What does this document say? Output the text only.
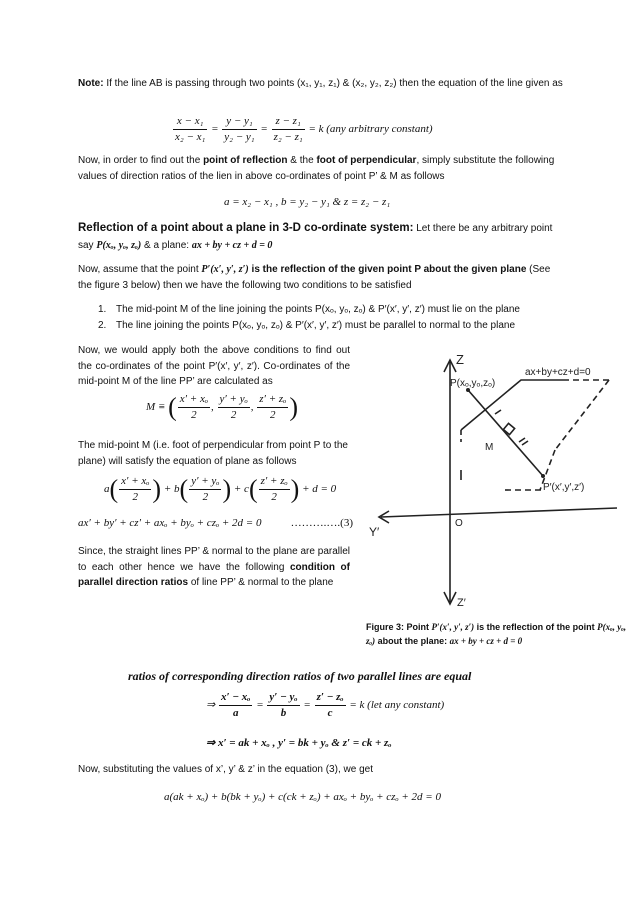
Note: If the line AB is passing through two points (x₁, y₁, z₁) & (x₂, y₂, z₂) then the equation of the line given as
$\frac{\text{x − x₁}}{\text{x₂ − x₁}} = \frac{\text{y − y₁}}{\text{y₂ − y₁}} = \frac{\text{z − z₁}}{\text{z₂ − z₁}} = k$ (any arbitrary constant)
Now, in order to find out the point of reflection & the foot of perpendicular, simply substitute the following values of direction ratios of the lien in above co-ordinates of point P’ & M as follows
a = x₂ − x₁ , b = y₂ − y₁ & z = z₂ − z₁
Reflection of a point about a plane in 3-D co-ordinate system: Let there be any arbitrary point say P(xₒ, yₒ, zₒ) & a plane: ax + by + cz + d = 0
Now, assume that the point P′(x′, y′, z′) is the reflection of the given point P about the given plane (See the figure 3 below) then we have the following two conditions to be satisfied
1. The mid-point M of the line joining the points P(xₒ, yₒ, zₒ) & P′(x′, y′, z′) must lie on the plane
2. The line joining the points P(xₒ, yₒ, zₒ) & P′(x′, y′, z′) must be parallel to normal to the plane
Now, we would apply both the above conditions to find out the co-ordinates of the point P′(x′, y′, z′). Co-ordinates of the mid-point M of the line PP’ are calculated as
M ≡ ( $\frac{\text{x′ + xₒ}}{2}$ , $\frac{\text{y′ + yₒ}}{2}$ , $\frac{\text{z′ + zₒ}}{2}$ )
The mid-point M (i.e. foot of perpendicular from point P to the plane) will satisfy the equation of plane as follows
$a( \frac{\text{x′ + xₒ}}{2}$ ) + $b( \frac{\text{y′ + yₒ}}{2}$ ) + $c( \frac{\text{z′ + zₒ}}{2}$ ) + d = 0
ax′ + by′ + cz′ + axₒ + byₒ + czₒ + 2d = 0	……….….(3)
Since, the straight lines PP’ & normal to the plane are parallel to each other hence we have the following condition of parallel direction ratios of line PP’ & normal to the plane
Z
ax+by+cz+d=0
P(xₒ,yₒ,zₒ)
M
P′(x′,y′,z′)
Y′
O
Z′
Figure 3: Point P′(x′, y′, z′) is the reflection of the point P(xₒ, yₒ, zₒ) about the plane: ax + by + cz + d = 0
ratios of corresponding direction ratios of two parallel lines are equal
⇒ $\frac{\text{x′ − xₒ}}{a} = \frac{\text{y′ − yₒ}}{b} = \frac{\text{z′ − zₒ}}{c} = k$ (let any constant)
⇒ x′ = ak + xₒ , y′ = bk + yₒ & z′ = ck + zₒ
Now, substituting the values of x’, y’ & z’ in the equation (3), we get
a(ak + xₒ) + b(bk + yₒ) + c(ck + zₒ) + axₒ + byₒ + czₒ + 2d = 0
